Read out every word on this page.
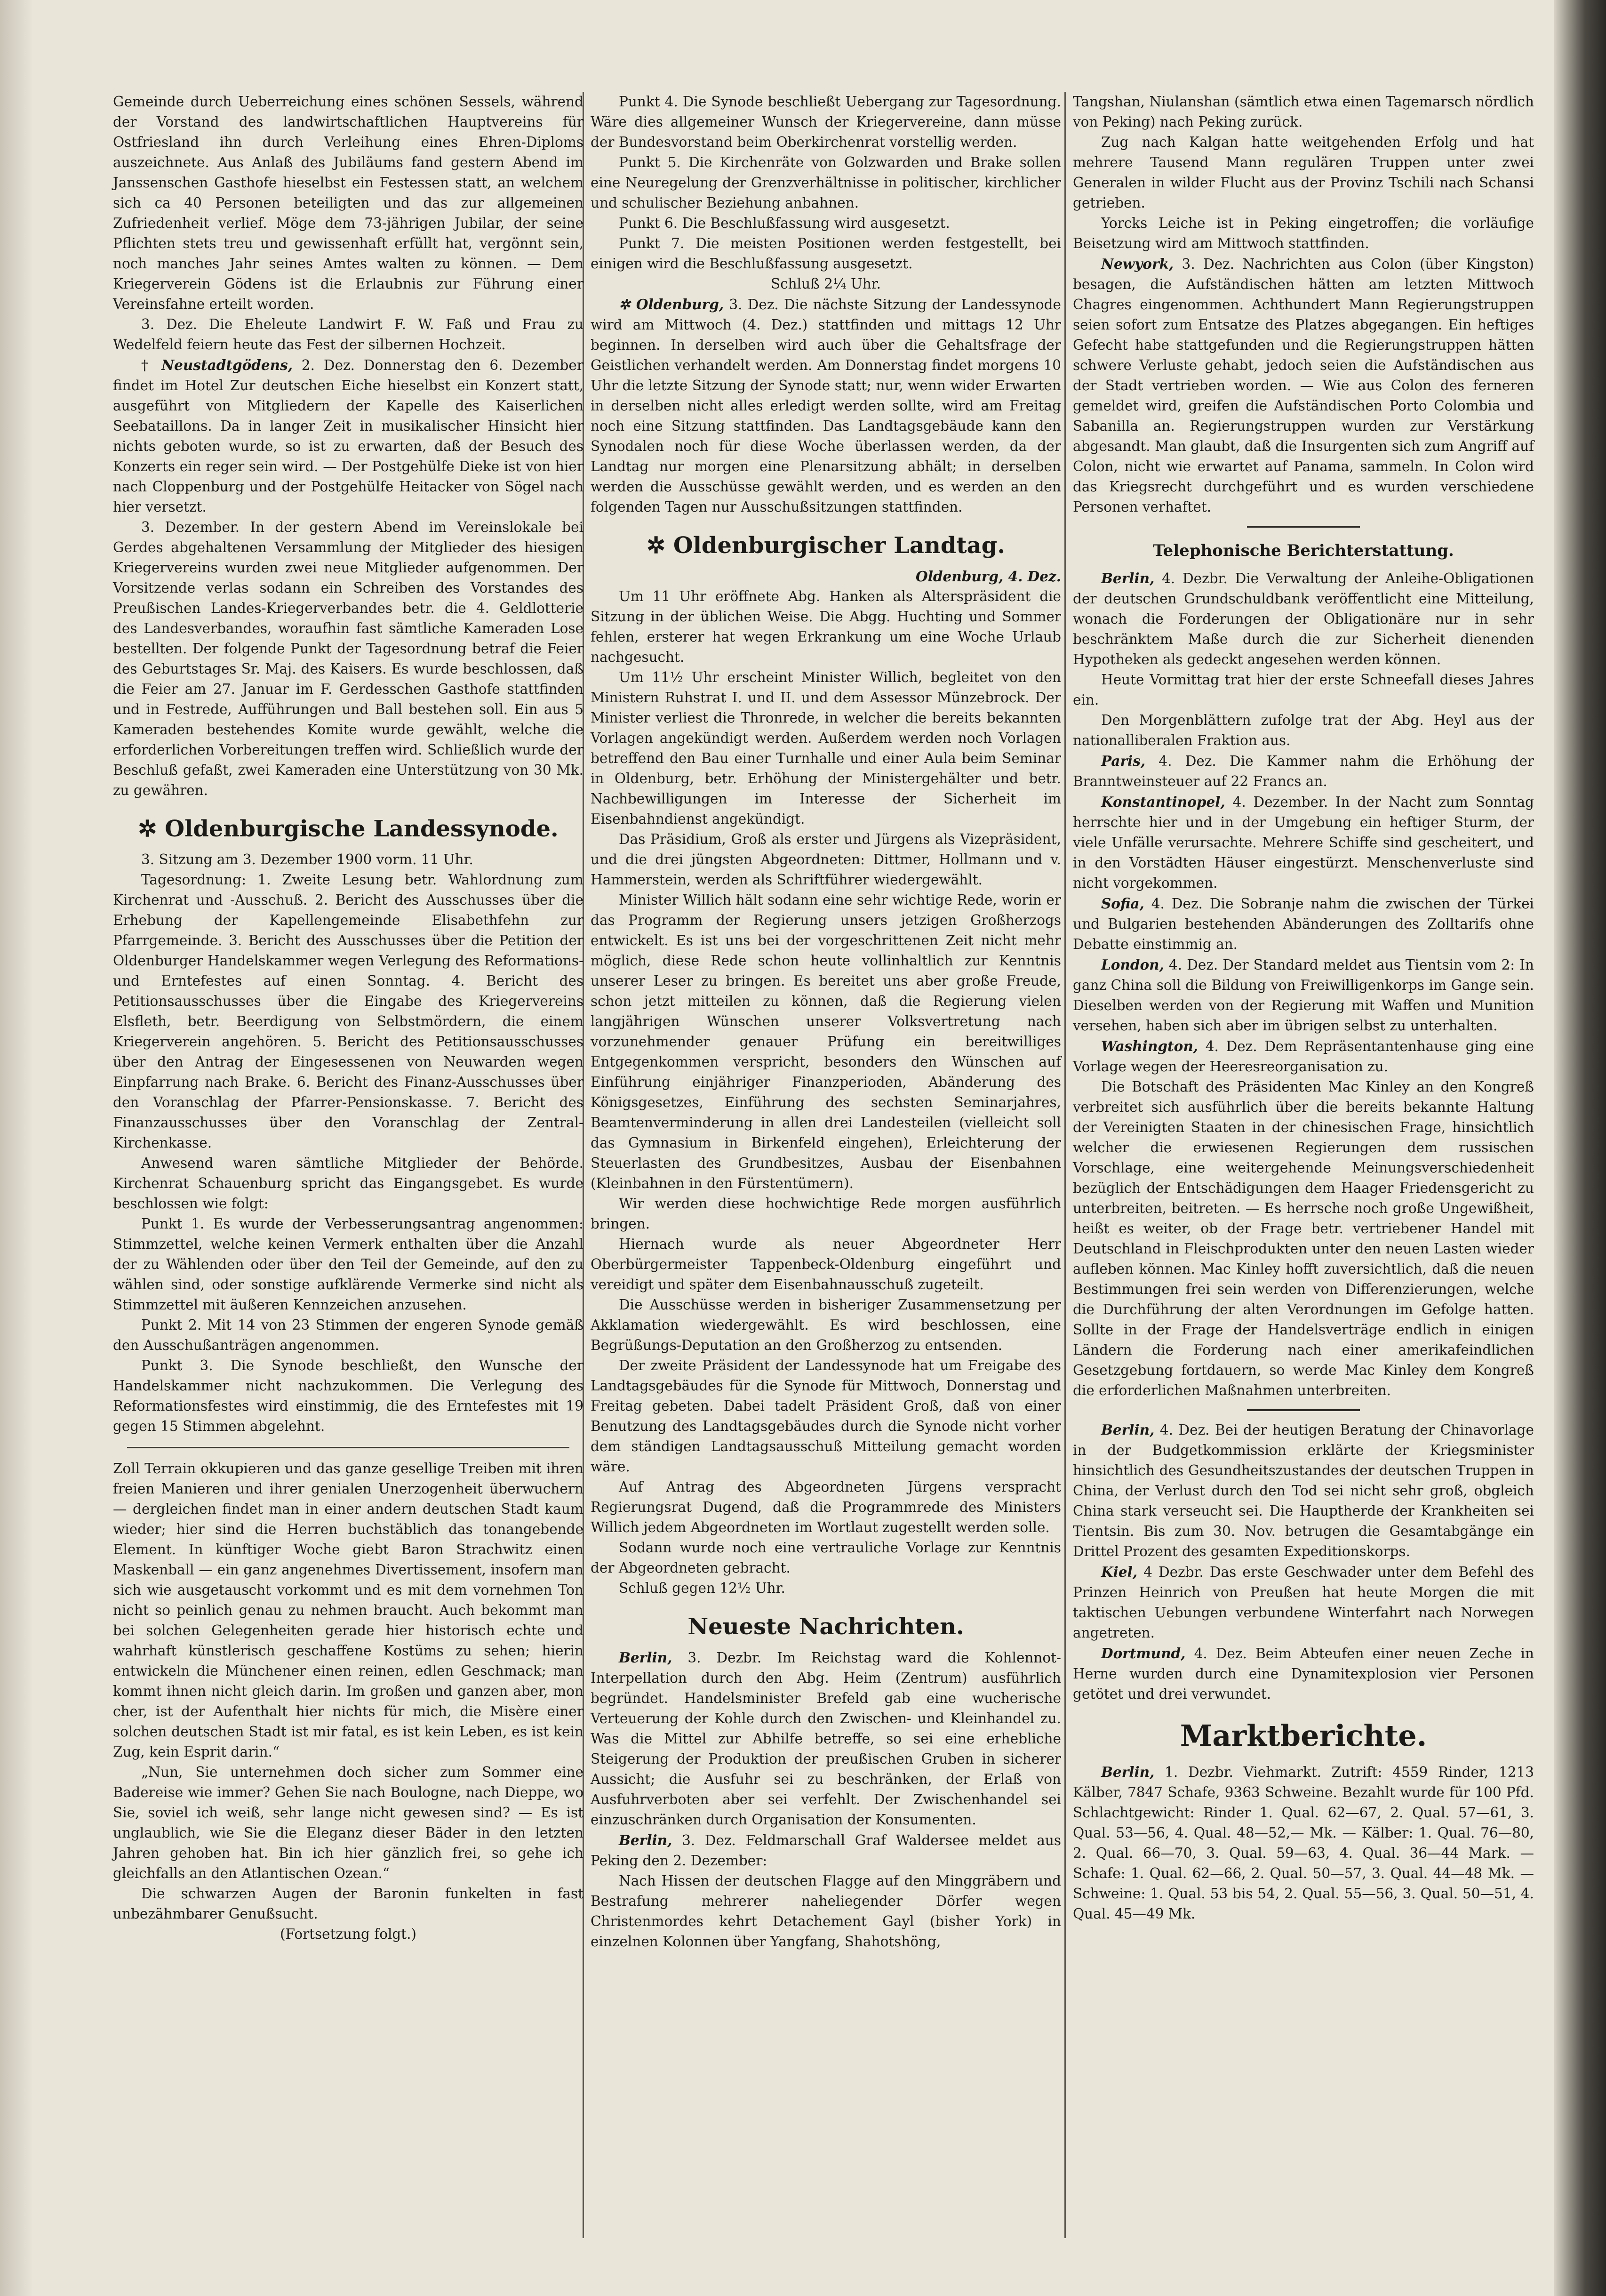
Gemeinde durch Ueberreichung eines schönen Sessels, während der Vorstand des landwirtschaftlichen Hauptvereins für Ostfriesland ihn durch Verleihung eines Ehren-Diploms auszeichnete. Aus Anlaß des Jubiläums fand gestern Abend im Janssenschen Gasthofe hieselbst ein Festessen statt, an welchem sich ca 40 Personen beteiligten und das zur allgemeinen Zufriedenheit verlief. Möge dem 73-jährigen Jubilar, der seine Pflichten stets treu und gewissenhaft erfüllt hat, vergönnt sein, noch manches Jahr seines Amtes walten zu können. — Dem Kriegerverein Gödens ist die Erlaubnis zur Führung einer Vereinsfahne erteilt worden.

3. Dez. Die Eheleute Landwirt F. W. Faß und Frau zu Wedelfeld feiern heute das Fest der silbernen Hochzeit.

† Neustadtgödens, 2. Dez. Donnerstag den 6. Dezember findet im Hotel Zur deutschen Eiche hieselbst ein Konzert statt, ausgeführt von Mitgliedern der Kapelle des Kaiserlichen Seebataillons. Da in langer Zeit in musikalischer Hinsicht hier nichts geboten wurde, so ist zu erwarten, daß der Besuch des Konzerts ein reger sein wird. — Der Postgehülfe Dieke ist von hier nach Cloppenburg und der Postgehülfe Heitacker von Sögel nach hier versetzt.

3. Dezember. In der gestern Abend im Vereinslokale bei Gerdes abgehaltenen Versammlung der Mitglieder des hiesigen Kriegervereins wurden zwei neue Mitglieder aufgenommen. Der Vorsitzende verlas sodann ein Schreiben des Vorstandes des Preußischen Landes-Kriegerverbandes betr. die 4. Geldlotterie des Landesverbandes, woraufhin fast sämtliche Kameraden Lose bestellten. Der folgende Punkt der Tagesordnung betraf die Feier des Geburtstages Sr. Maj. des Kaisers. Es wurde beschlossen, daß die Feier am 27. Januar im F. Gerdesschen Gasthofe stattfinden und in Festrede, Aufführungen und Ball bestehen soll. Ein aus 5 Kameraden bestehendes Komite wurde gewählt, welche die erforderlichen Vorbereitungen treffen wird. Schließlich wurde der Beschluß gefaßt, zwei Kameraden eine Unterstützung von 30 Mk. zu gewähren.

✲ Oldenburgische Landessynode.

3. Sitzung am 3. Dezember 1900 vorm. 11 Uhr.

Tagesordnung: 1. Zweite Lesung betr. Wahlordnung zum Kirchenrat und -Ausschuß. 2. Bericht des Ausschusses über die Erhebung der Kapellengemeinde Elisabethfehn zur Pfarrgemeinde. 3. Bericht des Ausschusses über die Petition der Oldenburger Handelskammer wegen Verlegung des Reformations- und Erntefestes auf einen Sonntag. 4. Bericht des Petitionsausschusses über die Eingabe des Kriegervereins Elsfleth, betr. Beerdigung von Selbstmördern, die einem Kriegerverein angehören. 5. Bericht des Petitionsausschusses über den Antrag der Eingesessenen von Neuwarden wegen Einpfarrung nach Brake. 6. Bericht des Finanz-Ausschusses über den Voranschlag der Pfarrer-Pensionskasse. 7. Bericht des Finanzausschusses über den Voranschlag der Zentral-Kirchenkasse.

Anwesend waren sämtliche Mitglieder der Behörde. Kirchenrat Schauenburg spricht das Eingangsgebet. Es wurde beschlossen wie folgt:

Punkt 1. Es wurde der Verbesserungsantrag angenommen: Stimmzettel, welche keinen Vermerk enthalten über die Anzahl der zu Wählenden oder über den Teil der Gemeinde, auf den zu wählen sind, oder sonstige aufklärende Vermerke sind nicht als Stimmzettel mit äußeren Kennzeichen anzusehen.

Punkt 2. Mit 14 von 23 Stimmen der engeren Synode gemäß den Ausschußanträgen angenommen.

Punkt 3. Die Synode beschließt, den Wunsche der Handelskammer nicht nachzukommen. Die Verlegung des Reformationsfestes wird einstimmig, die des Erntefestes mit 19 gegen 15 Stimmen abgelehnt.

Zoll Terrain okkupieren und das ganze gesellige Treiben mit ihren freien Manieren und ihrer genialen Unerzogenheit überwuchern — dergleichen findet man in einer andern deutschen Stadt kaum wieder; hier sind die Herren buchstäblich das tonangebende Element. In künftiger Woche giebt Baron Strachwitz einen Maskenball — ein ganz angenehmes Divertissement, insofern man sich wie ausgetauscht vorkommt und es mit dem vornehmen Ton nicht so peinlich genau zu nehmen braucht. Auch bekommt man bei solchen Gelegenheiten gerade hier historisch echte und wahrhaft künstlerisch geschaffene Kostüms zu sehen; hierin entwickeln die Münchener einen reinen, edlen Geschmack; man kommt ihnen nicht gleich darin. Im großen und ganzen aber, mon cher, ist der Aufenthalt hier nichts für mich, die Misère einer solchen deutschen Stadt ist mir fatal, es ist kein Leben, es ist kein Zug, kein Esprit darin.“

„Nun, Sie unternehmen doch sicher zum Sommer eine Badereise wie immer? Gehen Sie nach Boulogne, nach Dieppe, wo Sie, soviel ich weiß, sehr lange nicht gewesen sind? — Es ist unglaublich, wie Sie die Eleganz dieser Bäder in den letzten Jahren gehoben hat. Bin ich hier gänzlich frei, so gehe ich gleichfalls an den Atlantischen Ozean.“

Die schwarzen Augen der Baronin funkelten in fast unbezähmbarer Genußsucht.

(Fortsetzung folgt.)

Punkt 4. Die Synode beschließt Uebergang zur Tagesordnung. Wäre dies allgemeiner Wunsch der Kriegervereine, dann müsse der Bundesvorstand beim Oberkirchenrat vorstellig werden.

Punkt 5. Die Kirchenräte von Golzwarden und Brake sollen eine Neuregelung der Grenzverhältnisse in politischer, kirchlicher und schulischer Beziehung anbahnen.

Punkt 6. Die Beschlußfassung wird ausgesetzt.

Punkt 7. Die meisten Positionen werden festgestellt, bei einigen wird die Beschlußfassung ausgesetzt.

Schluß 2¼ Uhr.

✲ Oldenburg, 3. Dez. Die nächste Sitzung der Landessynode wird am Mittwoch (4. Dez.) stattfinden und mittags 12 Uhr beginnen. In derselben wird auch über die Gehaltsfrage der Geistlichen verhandelt werden. Am Donnerstag findet morgens 10 Uhr die letzte Sitzung der Synode statt; nur, wenn wider Erwarten in derselben nicht alles erledigt werden sollte, wird am Freitag noch eine Sitzung stattfinden. Das Landtagsgebäude kann den Synodalen noch für diese Woche überlassen werden, da der Landtag nur morgen eine Plenarsitzung abhält; in derselben werden die Ausschüsse gewählt werden, und es werden an den folgenden Tagen nur Ausschußsitzungen stattfinden.

✲ Oldenburgischer Landtag.

Oldenburg, 4. Dez.

Um 11 Uhr eröffnete Abg. Hanken als Alterspräsident die Sitzung in der üblichen Weise. Die Abgg. Huchting und Sommer fehlen, ersterer hat wegen Erkrankung um eine Woche Urlaub nachgesucht.

Um 11½ Uhr erscheint Minister Willich, begleitet von den Ministern Ruhstrat I. und II. und dem Assessor Münzebrock. Der Minister verliest die Thronrede, in welcher die bereits bekannten Vorlagen angekündigt werden. Außerdem werden noch Vorlagen betreffend den Bau einer Turnhalle und einer Aula beim Seminar in Oldenburg, betr. Erhöhung der Ministergehälter und betr. Nachbewilligungen im Interesse der Sicherheit im Eisenbahndienst angekündigt.

Das Präsidium, Groß als erster und Jürgens als Vizepräsident, und die drei jüngsten Abgeordneten: Dittmer, Hollmann und v. Hammerstein, werden als Schriftführer wiedergewählt.

Minister Willich hält sodann eine sehr wichtige Rede, worin er das Programm der Regierung unsers jetzigen Großherzogs entwickelt. Es ist uns bei der vorgeschrittenen Zeit nicht mehr möglich, diese Rede schon heute vollinhaltlich zur Kenntnis unserer Leser zu bringen. Es bereitet uns aber große Freude, schon jetzt mitteilen zu können, daß die Regierung vielen langjährigen Wünschen unserer Volksvertretung nach vorzunehmender genauer Prüfung ein bereitwilliges Entgegenkommen verspricht, besonders den Wünschen auf Einführung einjähriger Finanzperioden, Abänderung des Königsgesetzes, Einführung des sechsten Seminarjahres, Beamtenverminderung in allen drei Landesteilen (vielleicht soll das Gymnasium in Birkenfeld eingehen), Erleichterung der Steuerlasten des Grundbesitzes, Ausbau der Eisenbahnen (Kleinbahnen in den Fürstentümern).

Wir werden diese hochwichtige Rede morgen ausführlich bringen.

Hiernach wurde als neuer Abgeordneter Herr Oberbürgermeister Tappenbeck-Oldenburg eingeführt und vereidigt und später dem Eisenbahnausschuß zugeteilt.

Die Ausschüsse werden in bisheriger Zusammensetzung per Akklamation wiedergewählt. Es wird beschlossen, eine Begrüßungs-Deputation an den Großherzog zu entsenden.

Der zweite Präsident der Landessynode hat um Freigabe des Landtagsgebäudes für die Synode für Mittwoch, Donnerstag und Freitag gebeten. Dabei tadelt Präsident Groß, daß von einer Benutzung des Landtagsgebäudes durch die Synode nicht vorher dem ständigen Landtagsausschuß Mitteilung gemacht worden wäre.

Auf Antrag des Abgeordneten Jürgens verspracht Regierungsrat Dugend, daß die Programmrede des Ministers Willich jedem Abgeordneten im Wortlaut zugestellt werden solle.

Sodann wurde noch eine vertrauliche Vorlage zur Kenntnis der Abgeordneten gebracht.

Schluß gegen 12½ Uhr.

Neueste Nachrichten.

Berlin, 3. Dezbr. Im Reichstag ward die Kohlennot-Interpellation durch den Abg. Heim (Zentrum) ausführlich begründet. Handelsminister Brefeld gab eine wucherische Verteuerung der Kohle durch den Zwischen- und Kleinhandel zu. Was die Mittel zur Abhilfe betreffe, so sei eine erhebliche Steigerung der Produktion der preußischen Gruben in sicherer Aussicht; die Ausfuhr sei zu beschränken, der Erlaß von Ausfuhrverboten aber sei verfehlt. Der Zwischenhandel sei einzuschränken durch Organisation der Konsumenten.

Berlin, 3. Dez. Feldmarschall Graf Waldersee meldet aus Peking den 2. Dezember:

Nach Hissen der deutschen Flagge auf den Minggräbern und Bestrafung mehrerer naheliegender Dörfer wegen Christenmordes kehrt Detachement Gayl (bisher York) in einzelnen Kolonnen über Yangfang, Shahotshöng,

Tangshan, Niulanshan (sämtlich etwa einen Tagemarsch nördlich von Peking) nach Peking zurück.

Zug nach Kalgan hatte weitgehenden Erfolg und hat mehrere Tausend Mann regulären Truppen unter zwei Generalen in wilder Flucht aus der Provinz Tschili nach Schansi getrieben.

Yorcks Leiche ist in Peking eingetroffen; die vorläufige Beisetzung wird am Mittwoch stattfinden.

Newyork, 3. Dez. Nachrichten aus Colon (über Kingston) besagen, die Aufständischen hätten am letzten Mittwoch Chagres eingenommen. Achthundert Mann Regierungstruppen seien sofort zum Entsatze des Platzes abgegangen. Ein heftiges Gefecht habe stattgefunden und die Regierungstruppen hätten schwere Verluste gehabt, jedoch seien die Aufständischen aus der Stadt vertrieben worden. — Wie aus Colon des ferneren gemeldet wird, greifen die Aufständischen Porto Colombia und Sabanilla an. Regierungstruppen wurden zur Verstärkung abgesandt. Man glaubt, daß die Insurgenten sich zum Angriff auf Colon, nicht wie erwartet auf Panama, sammeln. In Colon wird das Kriegsrecht durchgeführt und es wurden verschiedene Personen verhaftet.

Telephonische Berichterstattung.

Berlin, 4. Dezbr. Die Verwaltung der Anleihe-Obligationen der deutschen Grundschuldbank veröffentlicht eine Mitteilung, wonach die Forderungen der Obligationäre nur in sehr beschränktem Maße durch die zur Sicherheit dienenden Hypotheken als gedeckt angesehen werden können.

Heute Vormittag trat hier der erste Schneefall dieses Jahres ein.

Den Morgenblättern zufolge trat der Abg. Heyl aus der nationalliberalen Fraktion aus.

Paris, 4. Dez. Die Kammer nahm die Erhöhung der Branntweinsteuer auf 22 Francs an.

Konstantinopel, 4. Dezember. In der Nacht zum Sonntag herrschte hier und in der Umgebung ein heftiger Sturm, der viele Unfälle verursachte. Mehrere Schiffe sind gescheitert, und in den Vorstädten Häuser eingestürzt. Menschenverluste sind nicht vorgekommen.

Sofia, 4. Dez. Die Sobranje nahm die zwischen der Türkei und Bulgarien bestehenden Abänderungen des Zolltarifs ohne Debatte einstimmig an.

London, 4. Dez. Der Standard meldet aus Tientsin vom 2: In ganz China soll die Bildung von Freiwilligenkorps im Gange sein. Dieselben werden von der Regierung mit Waffen und Munition versehen, haben sich aber im übrigen selbst zu unterhalten.

Washington, 4. Dez. Dem Repräsentantenhause ging eine Vorlage wegen der Heeresreorganisation zu.

Die Botschaft des Präsidenten Mac Kinley an den Kongreß verbreitet sich ausführlich über die bereits bekannte Haltung der Vereinigten Staaten in der chinesischen Frage, hinsichtlich welcher die erwiesenen Regierungen dem russischen Vorschlage, eine weitergehende Meinungsverschiedenheit bezüglich der Entschädigungen dem Haager Friedensgericht zu unterbreiten, beitreten. — Es herrsche noch große Ungewißheit, heißt es weiter, ob der Frage betr. vertriebener Handel mit Deutschland in Fleischprodukten unter den neuen Lasten wieder aufleben können. Mac Kinley hofft zuversichtlich, daß die neuen Bestimmungen frei sein werden von Differenzierungen, welche die Durchführung der alten Verordnungen im Gefolge hatten. Sollte in der Frage der Handelsverträge endlich in einigen Ländern die Forderung nach einer amerikafeindlichen Gesetzgebung fortdauern, so werde Mac Kinley dem Kongreß die erforderlichen Maßnahmen unterbreiten.

Berlin, 4. Dez. Bei der heutigen Beratung der Chinavorlage in der Budgetkommission erklärte der Kriegsminister hinsichtlich des Gesundheitszustandes der deutschen Truppen in China, der Verlust durch den Tod sei nicht sehr groß, obgleich China stark verseucht sei. Die Hauptherde der Krankheiten sei Tientsin. Bis zum 30. Nov. betrugen die Gesamtabgänge ein Drittel Prozent des gesamten Expeditionskorps.

Kiel, 4 Dezbr. Das erste Geschwader unter dem Befehl des Prinzen Heinrich von Preußen hat heute Morgen die mit taktischen Uebungen verbundene Winterfahrt nach Norwegen angetreten.

Dortmund, 4. Dez. Beim Abteufen einer neuen Zeche in Herne wurden durch eine Dynamitexplosion vier Personen getötet und drei verwundet.

Marktberichte.

Berlin, 1. Dezbr. Viehmarkt. Zutrift: 4559 Rinder, 1213 Kälber, 7847 Schafe, 9363 Schweine. Bezahlt wurde für 100 Pfd. Schlachtgewicht: Rinder 1. Qual. 62—67, 2. Qual. 57—61, 3. Qual. 53—56, 4. Qual. 48—52,— Mk. — Kälber: 1. Qual. 76—80, 2. Qual. 66—70, 3. Qual. 59—63, 4. Qual. 36—44 Mark. — Schafe: 1. Qual. 62—66, 2. Qual. 50—57, 3. Qual. 44—48 Mk. — Schweine: 1. Qual. 53 bis 54, 2. Qual. 55—56, 3. Qual. 50—51, 4. Qual. 45—49 Mk.
